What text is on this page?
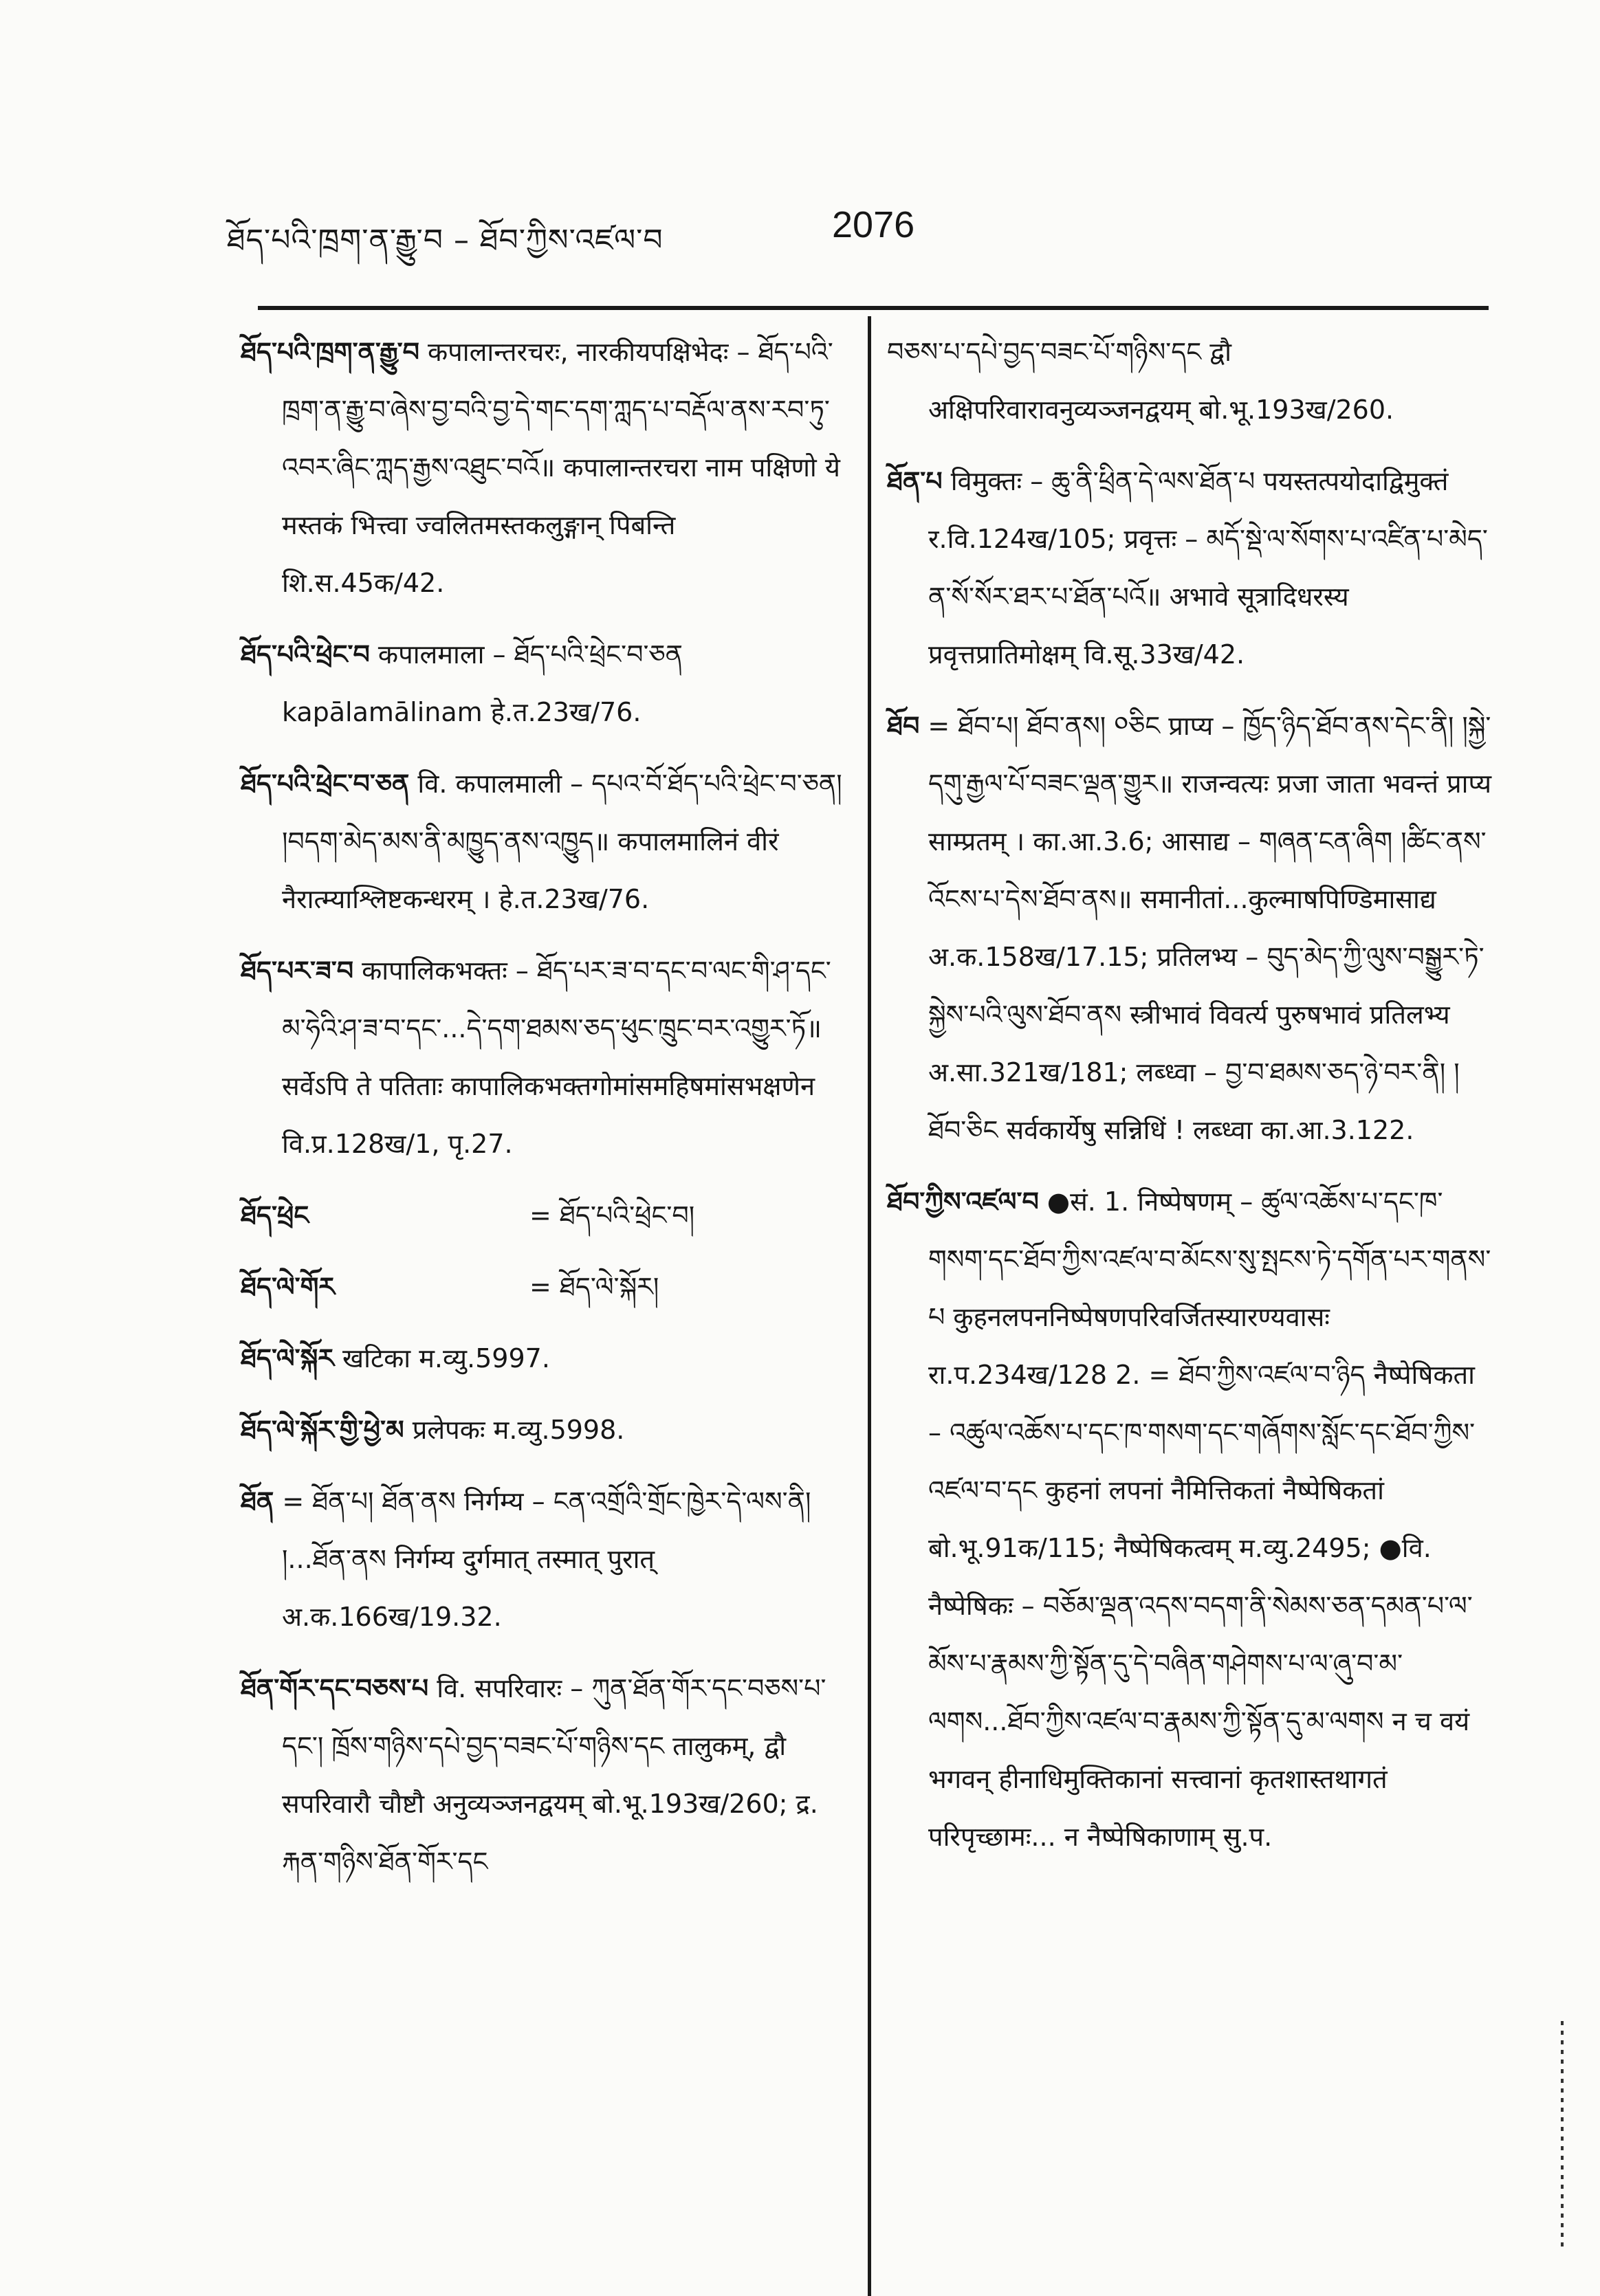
ཐོད་པའི་ཁྲག་ན་རྒྱུ་བ – ཐོབ་ཀྱིས་འཛལ་བ	2076
ཐོད་པའི་ཁྲག་ན་རྒྱུ་བ कपालान्तरचरः, नारकीयपक्षिभेदः – ཐོད་པའི་ཁྲག་ན་རྒྱུ་བ་ཞེས་བྱ་བའི་བྱ་དེ་གང་དག་ཀླད་པ་བརྡོལ་ནས་རབ་ཏུ་འབར་ཞིང་ཀླད་རྒྱས་འཐུང་བའོ॥ कपालान्तरचरा नाम पक्षिणो ये मस्तकं भित्त्वा ज्वलितमस्तकलुङ्गान् पिबन्ति शि.स.45क/42.
ཐོད་པའི་ཕྲེང་བ कपालमाला – ཐོད་པའི་ཕྲེང་བ་ཅན kapālamālinam हे.त.23ख/76.
ཐོད་པའི་ཕྲེང་བ་ཅན वि. कपालमाली – དཔའ་བོ་ཐོད་པའི་ཕྲེང་བ་ཅན། །བདག་མེད་མས་ནི་མཁྱུད་ནས་འཁྱུད॥ कपालमालिनं वीरं नैरात्म्याश्लिष्टकन्धरम् । हे.त.23ख/76.
ཐོད་པར་ཟ་བ कापालिकभक्तः – ཐོད་པར་ཟ་བ་དང་བ་ལང་གི་ཤ་དང་མ་ཧེའི་ཤ་ཟ་བ་དང་...དེ་དག་ཐམས་ཅད་ཕུང་ཁྲུང་བར་འགྱུར་ཏོ॥ सर्वेऽपि ते पतिताः कापालिकभक्तगोमांसमहिषमांसभक्षणेन वि.प्र.128ख/1, पृ.27.
ཐོད་ཕྲེང	= ཐོད་པའི་ཕྲེང་བ།
ཐོད་ལེ་གོར	= ཐོད་ལེ་སྐོར།
ཐོད་ལེ་སྐོར खटिका म.व्यु.5997.
ཐོད་ལེ་སྐོར་གྱི་ཕྱེ་མ प्रलेपकः म.व्यु.5998.
ཐོན = ཐོན་པ། ཐོན་ནས निर्गम्य – ངན་འགྲོའི་གྲོང་ཁྱེར་དེ་ལས་ནི། །...ཐོན་ནས निर्गम्य दुर्गमात् तस्मात् पुरात् अ.क.166ख/19.32.
ཐོན་གོར་དང་བཅས་པ वि. सपरिवारः – ཀུན་ཐོན་གོར་དང་བཅས་པ་དང་། ཁྲོས་གཉིས་དཔེ་བྱད་བཟང་པོ་གཉིས་དང तालुकम्, द्वौ सपरिवारौ चौष्टौ अनुव्यञ्जनद्वयम् बो.भू.193ख/260; द्र. རྐན་གཉིས་ཐོན་གོར་དང
བཅས་པ་དཔེ་བྱད་བཟང་པོ་གཉིས་དང द्वौ अक्षिपरिवारावनुव्यञ्जनद्वयम् बो.भू.193ख/260.
ཐོན་པ विमुक्तः – ཆུ་ནི་ཕྲིན་དེ་ལས་ཐོན་པ पयस्तत्पयोदाद्विमुक्तं र.वि.124ख/105; प्रवृत्तः – མདོ་སྡེ་ལ་སོགས་པ་འཛིན་པ་མེད་ན་སོ་སོར་ཐར་པ་ཐོན་པའོ॥ अभावे सूत्रादिधरस्य प्रवृत्तप्रातिमोक्षम् वि.सू.33ख/42.
ཐོབ = ཐོབ་པ། ཐོབ་ནས། ༠ཅིང प्राप्य – ཁྱོད་ཉིད་ཐོབ་ནས་དེང་ནི། །སྐྱེ་དགུ་རྒྱལ་པོ་བཟང་ལྡན་གྱུར॥ राजन्वत्यः प्रजा जाता भवन्तं प्राप्य साम्प्रतम् । का.आ.3.6; आसाद्य – གཞན་ངན་ཞིག །ཚིང་ནས་འོངས་པ་དེས་ཐོབ་ནས॥ समानीतां...कुल्माषपिण्डिमासाद्य अ.क.158ख/17.15; प्रतिलभ्य – བུད་མེད་ཀྱི་ལུས་བསྒྱུར་ཏེ་སྐྱེས་པའི་ལུས་ཐོབ་ནས स्त्रीभावं विवर्त्य पुरुषभावं प्रतिलभ्य अ.सा.321ख/181; लब्ध्वा – བྱ་བ་ཐམས་ཅད་ཉེ་བར་ནི། །ཐོབ་ཅིང सर्वकार्येषु सन्निधिं ! लब्ध्वा का.आ.3.122.
ཐོབ་ཀྱིས་འཛལ་བ ●सं. 1. निष्पेषणम् – ཚུལ་འཆོས་པ་དང་ཁ་གསག་དང་ཐོབ་ཀྱིས་འཛལ་བ་མོངས་སུ་སྤངས་ཏེ་དགོན་པར་གནས་པ कुहनलपननिष्पेषणपरिवर्जितस्यारण्यवासः रा.प.234ख/128 2. = ཐོབ་ཀྱིས་འཛལ་བ་ཉིད नैष्पेषिकता – འཚུལ་འཆོས་པ་དང་ཁ་གསག་དང་གཞོགས་སློང་དང་ཐོབ་ཀྱིས་འཛལ་བ་དང कुहनां लपनां नैमित्तिकतां नैष्पेषिकतां बो.भू.91क/115; नैष्पेषिकत्वम् म.व्यु.2495; ●वि. नैष्पेषिकः – བཅོམ་ལྡན་འདས་བདག་ནི་སེམས་ཅན་དམན་པ་ལ་མོས་པ་རྣམས་ཀྱི་སྟོན་དུ་དེ་བཞིན་གཤེགས་པ་ལ་ཞུ་བ་མ་ལགས...ཐོབ་ཀྱིས་འཛལ་བ་རྣམས་ཀྱི་སྟོན་དུ་མ་ལགས न च वयं भगवन् हीनाधिमुक्तिकानां सत्त्वानां कृतशास्तथागतं परिपृच्छामः... न नैष्पेषिकाणाम् सु.प.
